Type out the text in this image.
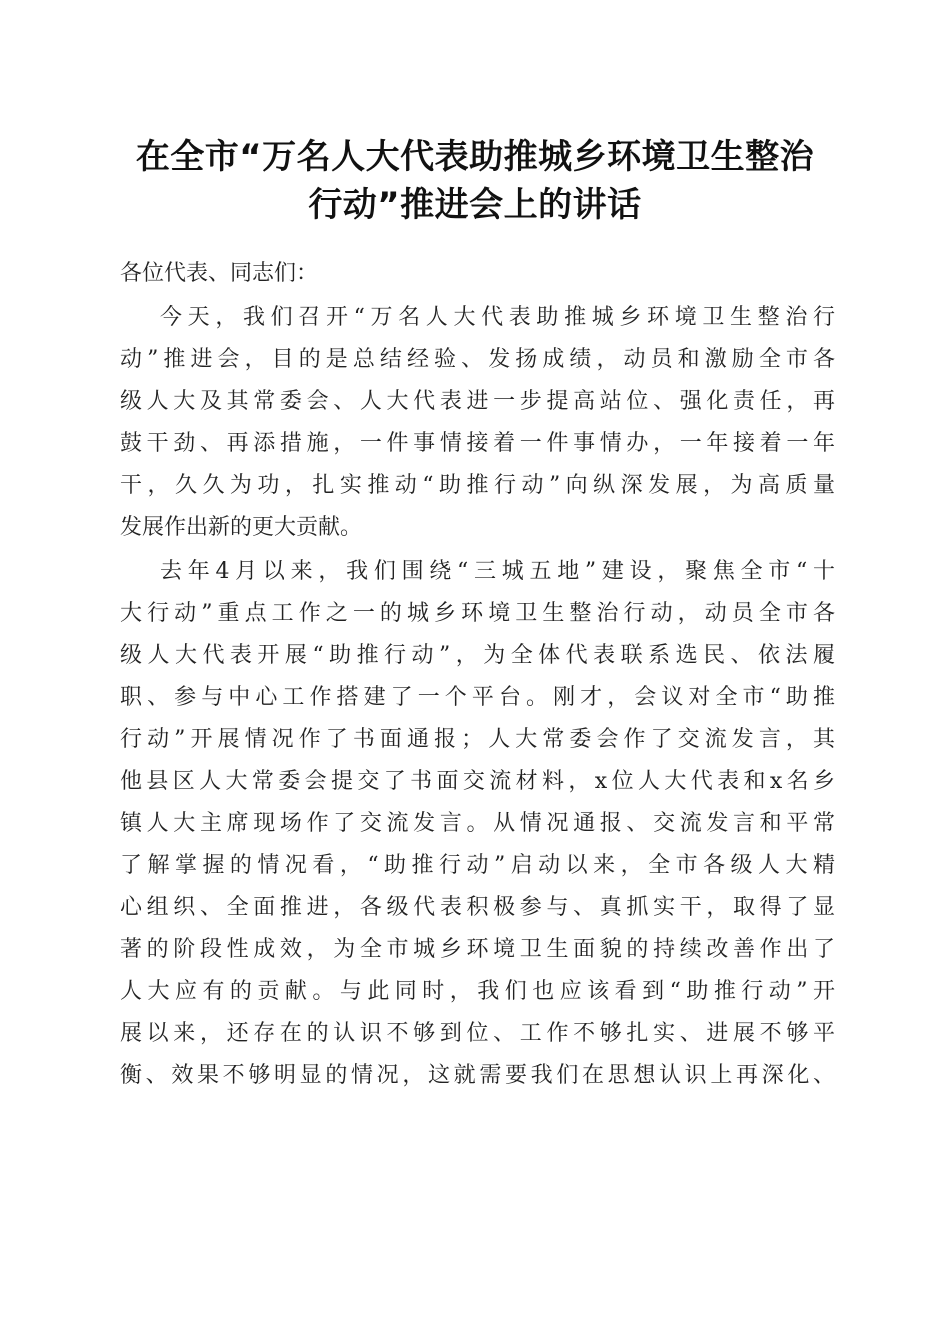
在全市“万名人大代表助推城乡环境卫生整治
行动”推进会上的讲话
各位代表、同志们：
今天，我们召开“万名人大代表助推城乡环境卫生整治行
动”推进会，目的是总结经验、发扬成绩，动员和激励全市各
级人大及其常委会、人大代表进一步提高站位、强化责任，再
鼓干劲、再添措施，一件事情接着一件事情办，一年接着一年
干，久久为功，扎实推动“助推行动”向纵深发展，为高质量
发展作出新的更大贡献。
去年4月以来，我们围绕“三城五地”建设，聚焦全市“十
大行动”重点工作之一的城乡环境卫生整治行动，动员全市各
级人大代表开展“助推行动”，为全体代表联系选民、依法履
职、参与中心工作搭建了一个平台。刚才，会议对全市“助推
行动”开展情况作了书面通报；人大常委会作了交流发言，其
他县区人大常委会提交了书面交流材料，x位人大代表和x名乡
镇人大主席现场作了交流发言。从情况通报、交流发言和平常
了解掌握的情况看，“助推行动”启动以来，全市各级人大精
心组织、全面推进，各级代表积极参与、真抓实干，取得了显
著的阶段性成效，为全市城乡环境卫生面貌的持续改善作出了
人大应有的贡献。与此同时，我们也应该看到“助推行动”开
展以来，还存在的认识不够到位、工作不够扎实、进展不够平
衡、效果不够明显的情况，这就需要我们在思想认识上再深化、
